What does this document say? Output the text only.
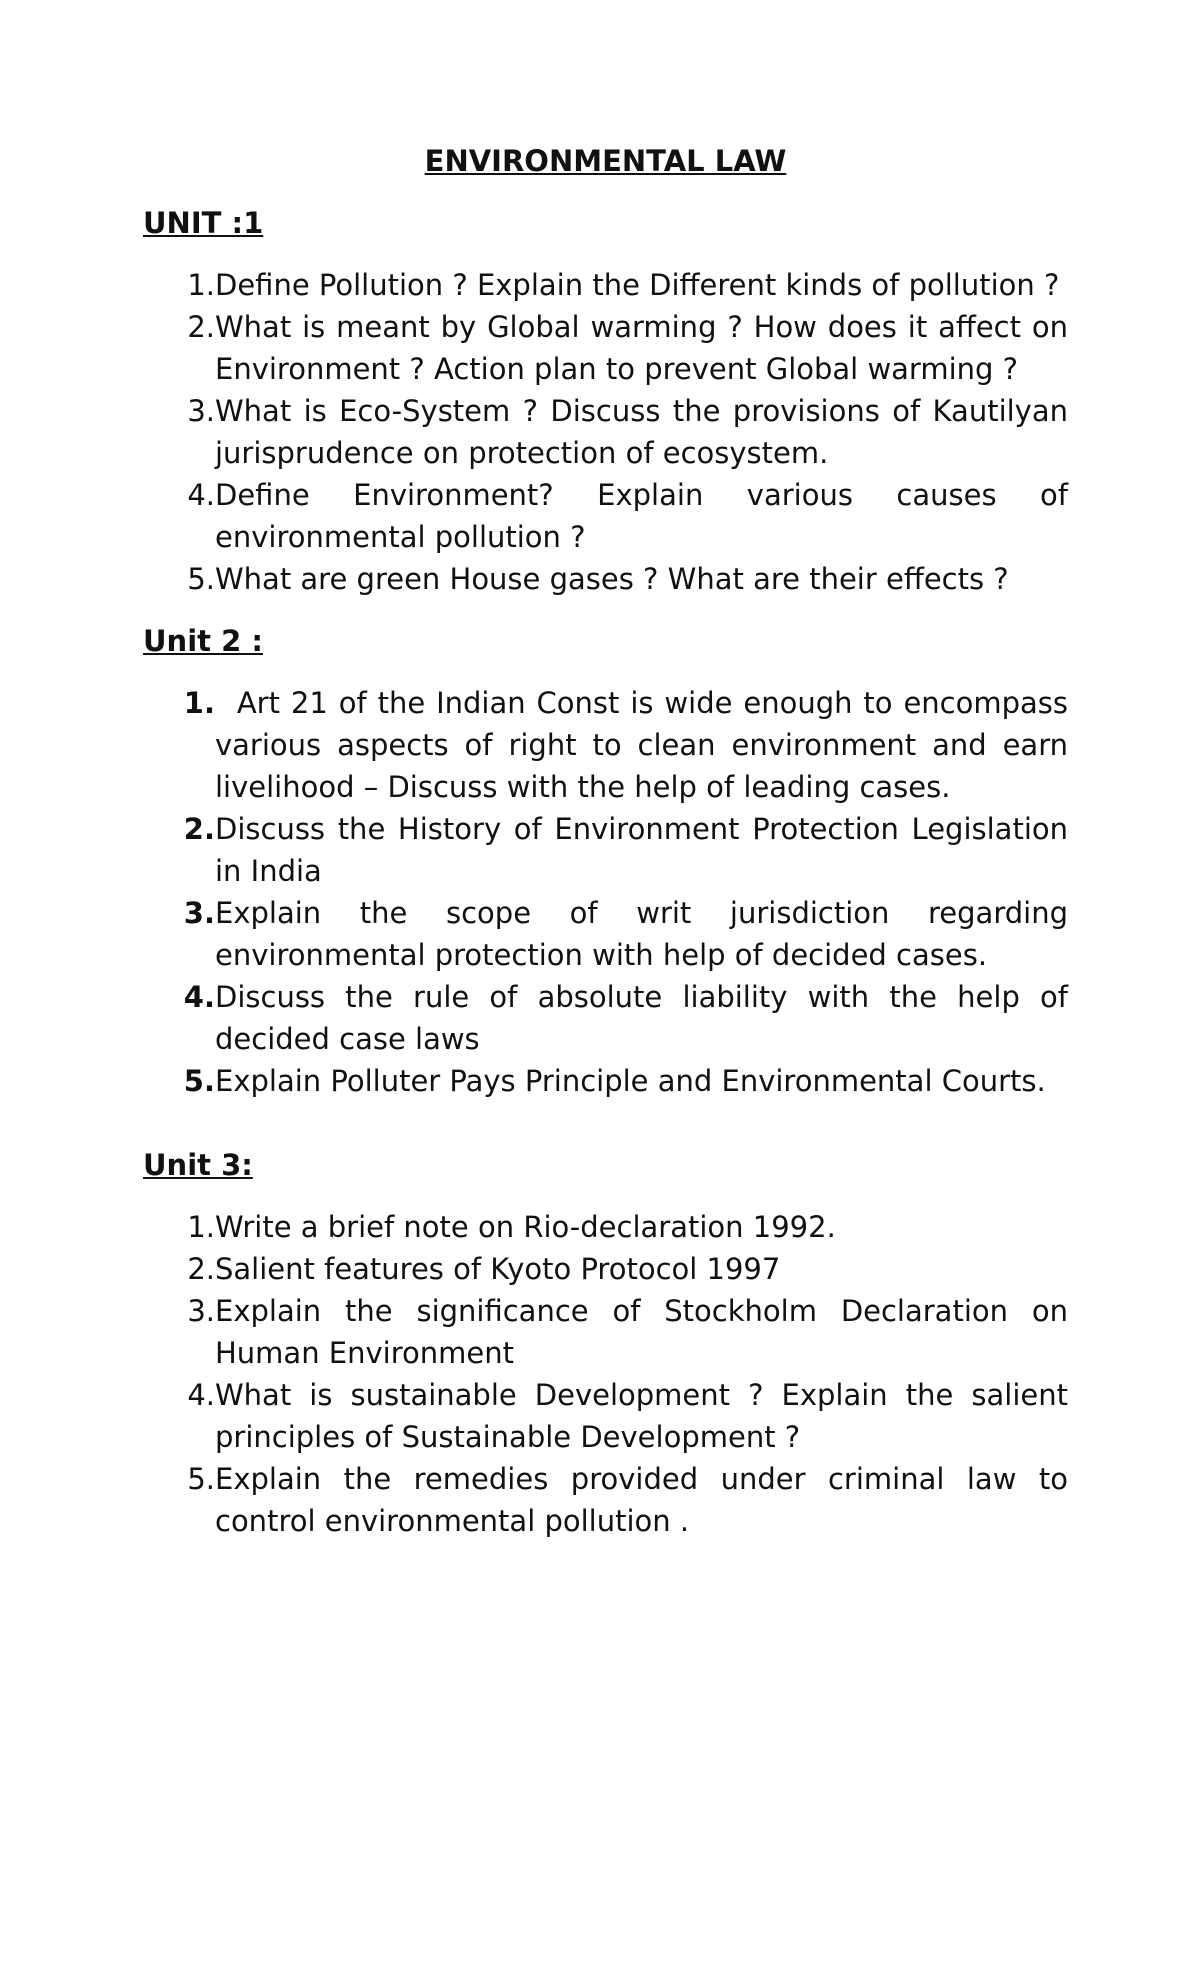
ENVIRONMENTAL LAW
UNIT :1
1. Define Pollution ? Explain the Different kinds of pollution ?
2. What is meant by Global warming ? How does it affect on Environment ? Action plan to prevent Global warming ?
3. What is Eco-System ? Discuss the provisions of Kautilyan jurisprudence on protection of ecosystem.
4. Define Environment? Explain various causes of environmental pollution ?
5. What are green House gases ? What are their effects ?
Unit 2 :
1. Art 21 of the Indian Const is wide enough to encompass various aspects of right to clean environment and earn livelihood – Discuss with the help of leading cases.
2. Discuss the History of Environment Protection Legislation in India
3. Explain the scope of writ jurisdiction regarding environmental protection with help of decided cases.
4. Discuss the rule of absolute liability with the help of decided case laws
5. Explain Polluter Pays Principle and Environmental Courts.
Unit 3:
1. Write a brief note on Rio-declaration 1992.
2. Salient features of Kyoto Protocol 1997
3. Explain the significance of Stockholm Declaration on Human Environment
4. What is sustainable Development ? Explain the salient principles of Sustainable Development ?
5. Explain the remedies provided under criminal law to control environmental pollution .
